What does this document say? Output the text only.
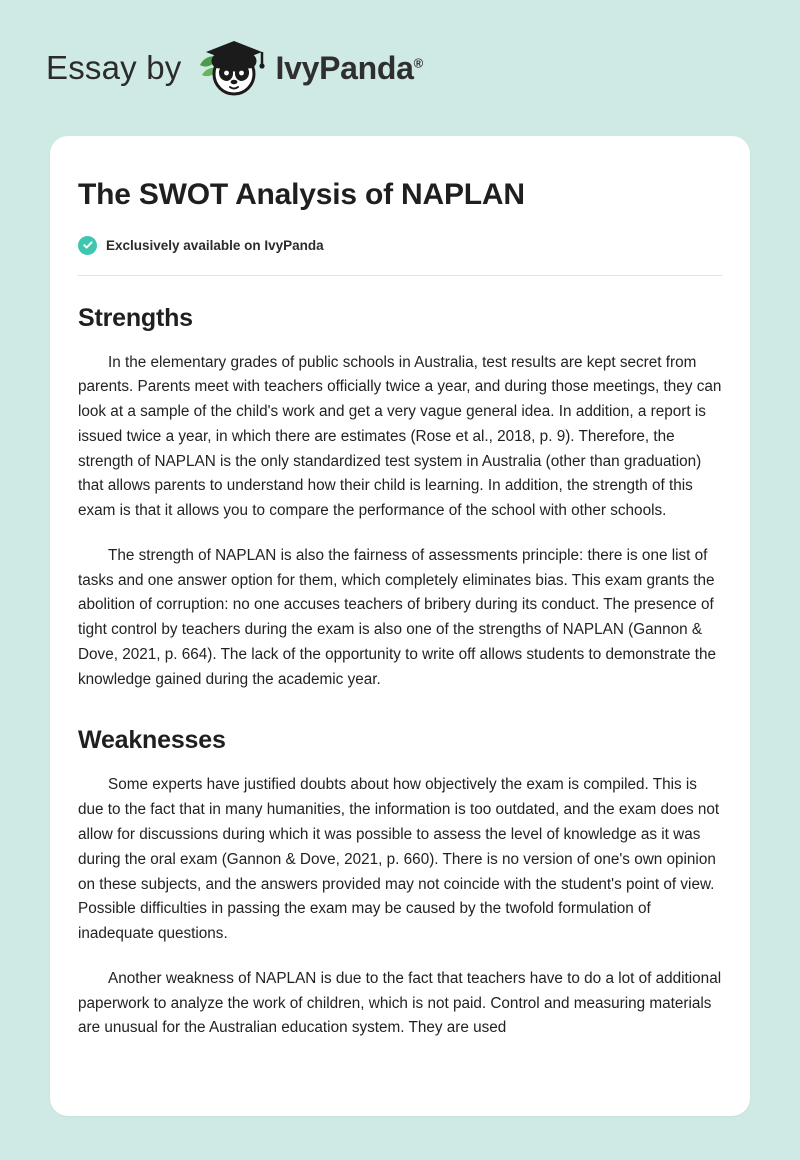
Essay by	IvyPanda®
The SWOT Analysis of NAPLAN
Exclusively available on IvyPanda
Strengths

In the elementary grades of public schools in Australia, test results are kept secret from parents. Parents meet with teachers officially twice a year, and during those meetings, they can look at a sample of the child's work and get a very vague general idea. In addition, a report is issued twice a year, in which there are estimates (Rose et al., 2018, p. 9). Therefore, the strength of NAPLAN is the only standardized test system in Australia (other than graduation) that allows parents to understand how their child is learning. In addition, the strength of this exam is that it allows you to compare the performance of the school with other schools.

The strength of NAPLAN is also the fairness of assessments principle: there is one list of tasks and one answer option for them, which completely eliminates bias. This exam grants the abolition of corruption: no one accuses teachers of bribery during its conduct. The presence of tight control by teachers during the exam is also one of the strengths of NAPLAN (Gannon & Dove, 2021, p. 664). The lack of the opportunity to write off allows students to demonstrate the knowledge gained during the academic year.

Weaknesses

Some experts have justified doubts about how objectively the exam is compiled. This is due to the fact that in many humanities, the information is too outdated, and the exam does not allow for discussions during which it was possible to assess the level of knowledge as it was during the oral exam (Gannon & Dove, 2021, p. 660). There is no version of one's own opinion on these subjects, and the answers provided may not coincide with the student's point of view. Possible difficulties in passing the exam may be caused by the twofold formulation of inadequate questions.

Another weakness of NAPLAN is due to the fact that teachers have to do a lot of additional paperwork to analyze the work of children, which is not paid. Control and measuring materials are unusual for the Australian education system. They are used
